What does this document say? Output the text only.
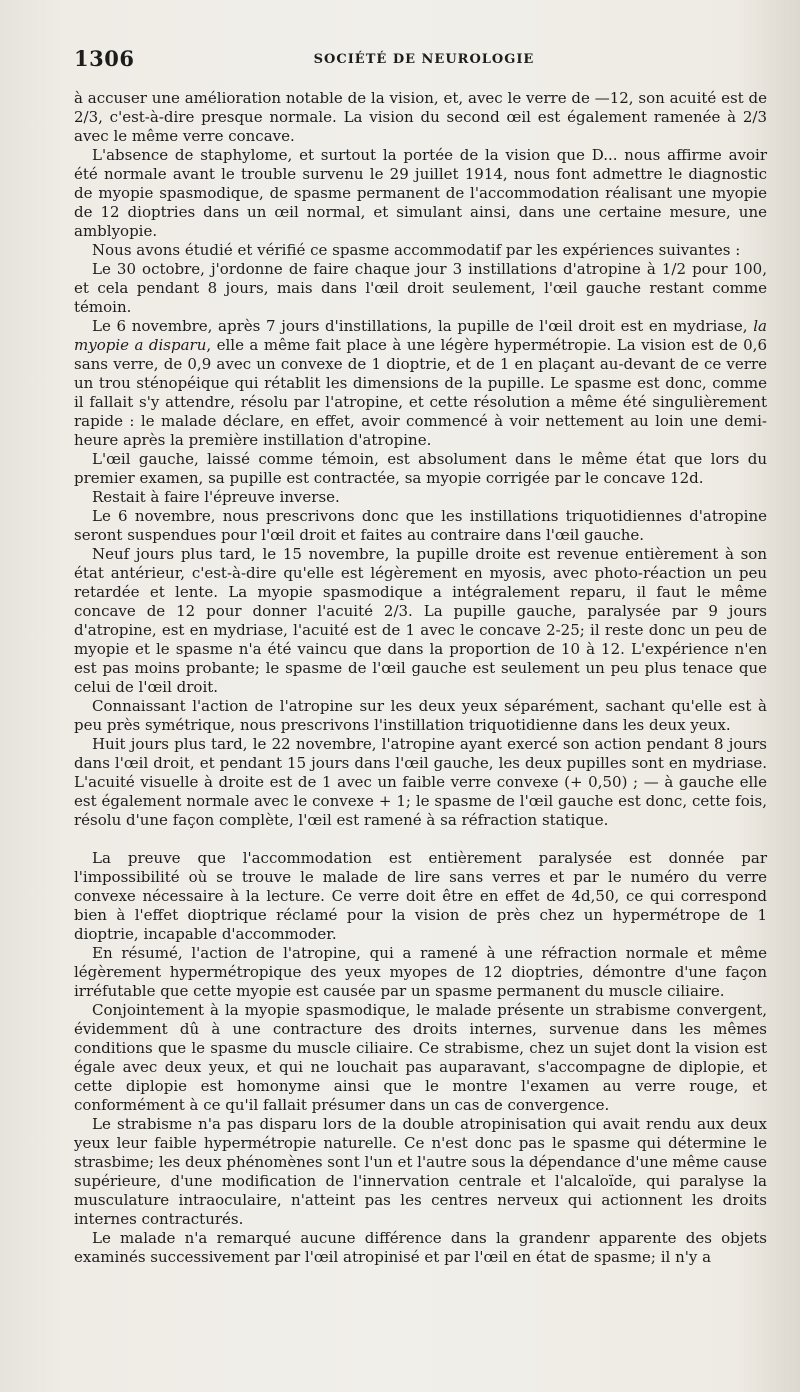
1306	SOCIÉTÉ DE NEUROLOGIE

à accuser une amélioration notable de la vision, et, avec le verre de —12, son acuité est de 2/3, c'est-à-dire presque normale. La vision du second œil est également ramenée à 2/3 avec le même verre concave.

L'absence de staphylome, et surtout la portée de la vision que D... nous affirme avoir été normale avant le trouble survenu le 29 juillet 1914, nous font admettre le diagnostic de myopie spasmodique, de spasme permanent de l'accommodation réalisant une myopie de 12 dioptries dans un œil normal, et simulant ainsi, dans une certaine mesure, une amblyopie.

Nous avons étudié et vérifié ce spasme accommodatif par les expériences suivantes :

Le 30 octobre, j'ordonne de faire chaque jour 3 instillations d'atropine à 1/2 pour 100, et cela pendant 8 jours, mais dans l'œil droit seulement, l'œil gauche restant comme témoin.

Le 6 novembre, après 7 jours d'instillations, la pupille de l'œil droit est en mydriase, la myopie a disparu, elle a même fait place à une légère hypermétropie. La vision est de 0,6 sans verre, de 0,9 avec un convexe de 1 dioptrie, et de 1 en plaçant au-devant de ce verre un trou sténopéique qui rétablit les dimensions de la pupille. Le spasme est donc, comme il fallait s'y attendre, résolu par l'atropine, et cette résolution a même été singulièrement rapide : le malade déclare, en effet, avoir commencé à voir nettement au loin une demi-heure après la première instillation d'atropine.

L'œil gauche, laissé comme témoin, est absolument dans le même état que lors du premier examen, sa pupille est contractée, sa myopie corrigée par le concave 12d.

Restait à faire l'épreuve inverse.

Le 6 novembre, nous prescrivons donc que les instillations triquotidiennes d'atropine seront suspendues pour l'œil droit et faites au contraire dans l'œil gauche.

Neuf jours plus tard, le 15 novembre, la pupille droite est revenue entièrement à son état antérieur, c'est-à-dire qu'elle est légèrement en myosis, avec photo-réaction un peu retardée et lente. La myopie spasmodique a intégralement reparu, il faut le même concave de 12 pour donner l'acuité 2/3. La pupille gauche, paralysée par 9 jours d'atropine, est en mydriase, l'acuité est de 1 avec le concave 2-25; il reste donc un peu de myopie et le spasme n'a été vaincu que dans la proportion de 10 à 12. L'expérience n'en est pas moins probante; le spasme de l'œil gauche est seulement un peu plus tenace que celui de l'œil droit.

Connaissant l'action de l'atropine sur les deux yeux séparément, sachant qu'elle est à peu près symétrique, nous prescrivons l'instillation triquotidienne dans les deux yeux.

Huit jours plus tard, le 22 novembre, l'atropine ayant exercé son action pendant 8 jours dans l'œil droit, et pendant 15 jours dans l'œil gauche, les deux pupilles sont en mydriase. L'acuité visuelle à droite est de 1 avec un faible verre convexe (+ 0,50) ; — à gauche elle est également normale avec le convexe + 1; le spasme de l'œil gauche est donc, cette fois, résolu d'une façon complète, l'œil est ramené à sa réfraction statique.

La preuve que l'accommodation est entièrement paralysée est donnée par l'impossibilité où se trouve le malade de lire sans verres et par le numéro du verre convexe nécessaire à la lecture. Ce verre doit être en effet de 4d,50, ce qui correspond bien à l'effet dioptrique réclamé pour la vision de près chez un hypermétrope de 1 dioptrie, incapable d'accommoder.

En résumé, l'action de l'atropine, qui a ramené à une réfraction normale et même légèrement hypermétropique des yeux myopes de 12 dioptries, démontre d'une façon irréfutable que cette myopie est causée par un spasme permanent du muscle ciliaire.

Conjointement à la myopie spasmodique, le malade présente un strabisme convergent, évidemment dû à une contracture des droits internes, survenue dans les mêmes conditions que le spasme du muscle ciliaire. Ce strabisme, chez un sujet dont la vision est égale avec deux yeux, et qui ne louchait pas auparavant, s'accompagne de diplopie, et cette diplopie est homonyme ainsi que le montre l'examen au verre rouge, et conformément à ce qu'il fallait présumer dans un cas de convergence.

Le strabisme n'a pas disparu lors de la double atropinisation qui avait rendu aux deux yeux leur faible hypermétropie naturelle. Ce n'est donc pas le spasme qui détermine le strasbime; les deux phénomènes sont l'un et l'autre sous la dépendance d'une même cause supérieure, d'une modification de l'innervation centrale et l'alcaloïde, qui paralyse la musculature intraoculaire, n'atteint pas les centres nerveux qui actionnent les droits internes contracturés.

Le malade n'a remarqué aucune différence dans la grandenr apparente des objets examinés successivement par l'œil atropinisé et par l'œil en état de spasme; il n'y a
